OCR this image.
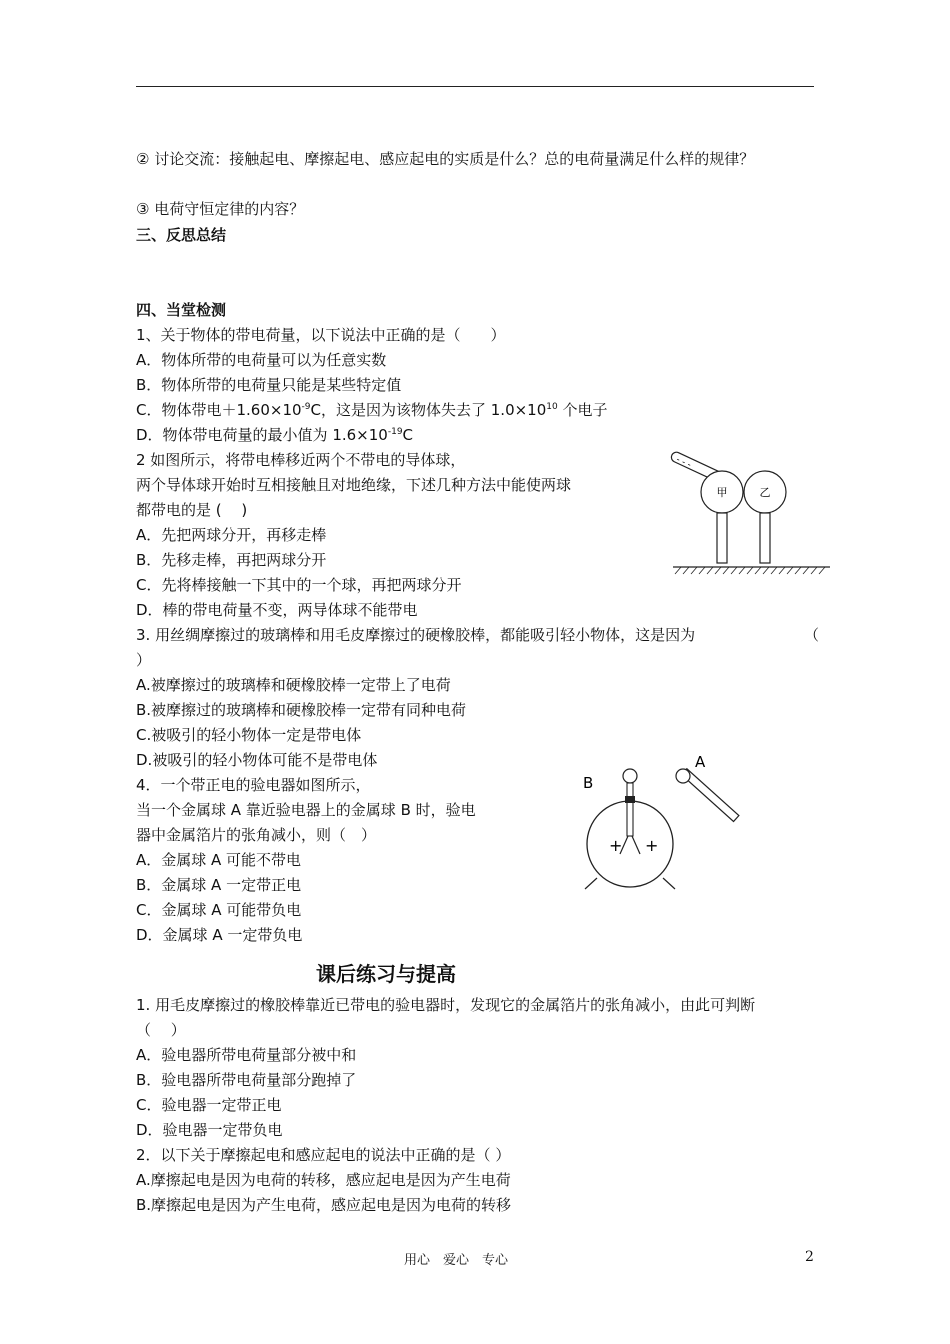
② 讨论交流：接触起电、摩擦起电、感应起电的实质是什么？总的电荷量满足什么样的规律？
③ 电荷守恒定律的内容？
三、反思总结
四、当堂检测
1、关于物体的带电荷量，以下说法中正确的是（　　）
A．物体所带的电荷量可以为任意实数
B．物体所带的电荷量只能是某些特定值
C．物体带电$+1.60\times 10^{-9}C$，这是因为该物体失去了 $1.0\times 10^{10}$ 个电子
D．物体带电荷量的最小值为 $1.6\times 10^{-19}C$
2 如图所示，将带电棒移近两个不带电的导体球，
两个导体球开始时互相接触且对地绝缘，下述几种方法中能使两球
都带电的是 (　 )
A．先把两球分开，再移走棒
B．先移走棒，再把两球分开
C．先将棒接触一下其中的一个球，再把两球分开
D．棒的带电荷量不变，两导体球不能带电
- - -
甲	乙
3. 用丝绸摩擦过的玻璃棒和用毛皮摩擦过的硬橡胶棒，都能吸引轻小物体，这是因为	（
）
A.被摩擦过的玻璃棒和硬橡胶棒一定带上了电荷
B.被摩擦过的玻璃棒和硬橡胶棒一定带有同种电荷
C.被吸引的轻小物体一定是带电体
D.被吸引的轻小物体可能不是带电体
4．一个带正电的验电器如图所示，
当一个金属球 A 靠近验电器上的金属球 B 时，验电
器中金属箔片的张角减小，则（　）
A．金属球 A 可能不带电
B．金属球 A 一定带正电
C．金属球 A 可能带负电
D．金属球 A 一定带负电
A
B
+ +
课后练习与提高
1. 用毛皮摩擦过的橡胶棒靠近已带电的验电器时，发现它的金属箔片的张角减小，由此可判断
（　 ）
A．验电器所带电荷量部分被中和
B．验电器所带电荷量部分跑掉了
C．验电器一定带正电
D．验电器一定带负电
2．以下关于摩擦起电和感应起电的说法中正确的是（ ）
A.摩擦起电是因为电荷的转移，感应起电是因为产生电荷
B.摩擦起电是因为产生电荷，感应起电是因为电荷的转移
用心　爱心　专心	2
